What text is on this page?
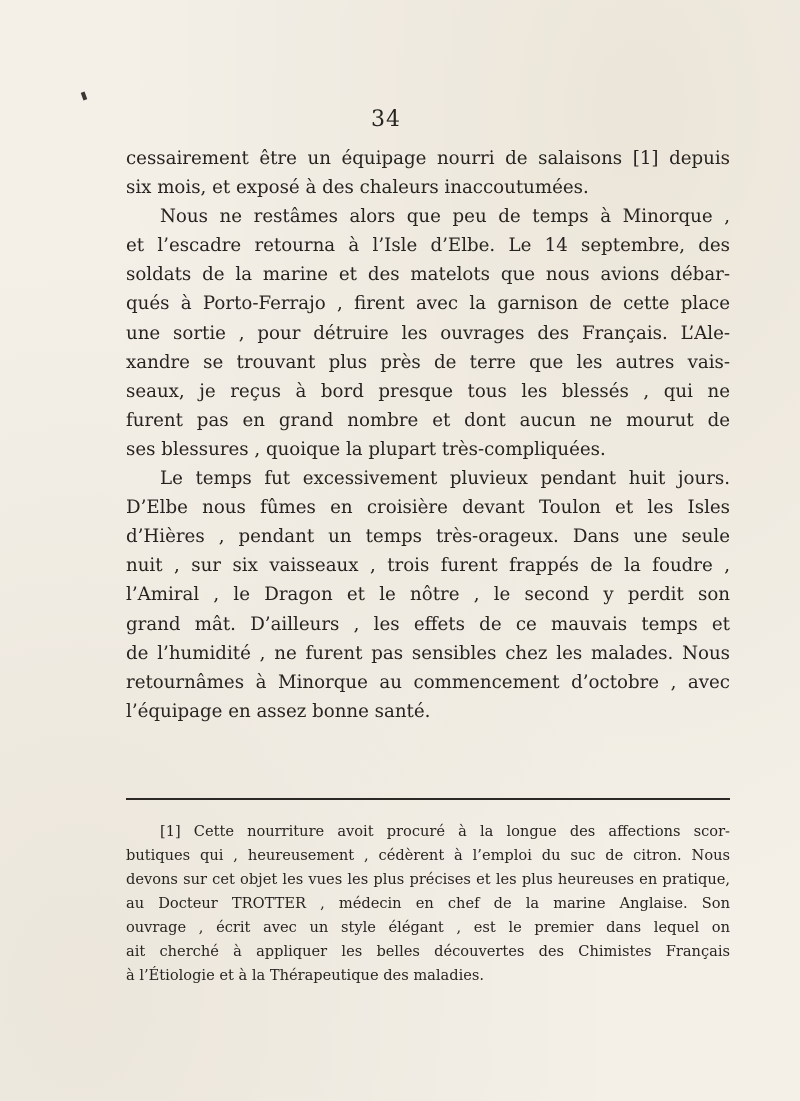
34
cessairement être un équipage nourri de salaisons [1] depuis
six mois, et exposé à des chaleurs inaccoutumées.
Nous ne restâmes alors que peu de temps à Minorque ,
et l’escadre retourna à l’Isle d’Elbe. Le 14 septembre, des
soldats de la marine et des matelots que nous avions débar-
qués à Porto-Ferrajo , firent avec la garnison de cette place
une sortie , pour détruire les ouvrages des Français. L’Ale-
xandre se trouvant plus près de terre que les autres vais-
seaux, je reçus à bord presque tous les blessés , qui ne
furent pas en grand nombre et dont aucun ne mourut de
ses blessures , quoique la plupart très-compliquées.
Le temps fut excessivement pluvieux pendant huit jours.
D’Elbe nous fûmes en croisière devant Toulon et les Isles
d’Hières , pendant un temps très-orageux. Dans une seule
nuit , sur six vaisseaux , trois furent frappés de la foudre ,
l’Amiral , le Dragon et le nôtre , le second y perdit son
grand mât. D’ailleurs , les effets de ce mauvais temps et
de l’humidité , ne furent pas sensibles chez les malades. Nous
retournâmes à Minorque au commencement d’octobre , avec
l’équipage en assez bonne santé.
[1] Cette nourriture avoit procuré à la longue des affections scor-
butiques qui , heureusement , cédèrent à l’emploi du suc de citron. Nous
devons sur cet objet les vues les plus précises et les plus heureuses en pratique,
au Docteur TROTTER , médecin en chef de la marine Anglaise. Son
ouvrage , écrit avec un style élégant , est le premier dans lequel on
ait cherché à appliquer les belles découvertes des Chimistes Français
à l’Étiologie et à la Thérapeutique des maladies.
